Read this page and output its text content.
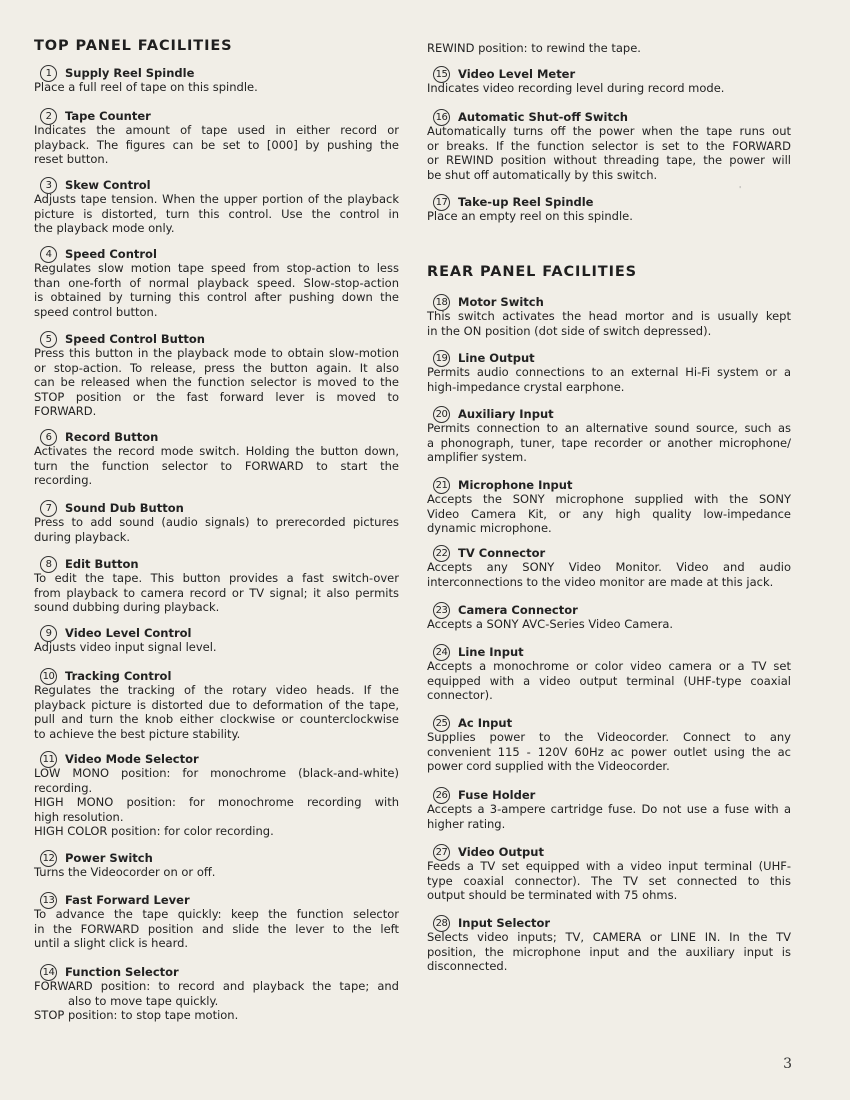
TOP PANEL FACILITIES
1	Supply Reel Spindle
Place a full reel of tape on this spindle.
2	Tape Counter
Indicates the amount of tape used in either record or
playback. The figures can be set to [000] by pushing the
reset button.
3	Skew Control
Adjusts tape tension. When the upper portion of the playback
picture is distorted, turn this control. Use the control in
the playback mode only.
4	Speed Control
Regulates slow motion tape speed from stop-action to less
than one-forth of normal playback speed. Slow-stop-action
is obtained by turning this control after pushing down the
speed control button.
5	Speed Control Button
Press this button in the playback mode to obtain slow-motion
or stop-action. To release, press the button again. It also
can be released when the function selector is moved to the
STOP position or the fast forward lever is moved to
FORWARD.
6	Record Button
Activates the record mode switch. Holding the button down,
turn the function selector to FORWARD to start the
recording.
7	Sound Dub Button
Press to add sound (audio signals) to prerecorded pictures
during playback.
8	Edit Button
To edit the tape. This button provides a fast switch-over
from playback to camera record or TV signal; it also permits
sound dubbing during playback.
9	Video Level Control
Adjusts video input signal level.
10 Tracking Control
Regulates the tracking of the rotary video heads. If the
playback picture is distorted due to deformation of the tape,
pull and turn the knob either clockwise or counterclockwise
to achieve the best picture stability.
11 Video Mode Selector
LOW MONO position: for monochrome (black-and-white)
recording.
HIGH MONO position: for monochrome recording with
high resolution.
HIGH COLOR position: for color recording.
12 Power Switch
Turns the Videocorder on or off.
13 Fast Forward Lever
To advance the tape quickly: keep the function selector
in the FORWARD position and slide the lever to the left
until a slight click is heard.
14 Function Selector
FORWARD position: to record and playback the tape; and
also to move tape quickly.
STOP position: to stop tape motion.
REWIND position: to rewind the tape.
REAR PANEL FACILITIES
15 Video Level Meter
Indicates video recording level during record mode.
16 Automatic Shut-off Switch
Automatically turns off the power when the tape runs out
or breaks. If the function selector is set to the FORWARD
or REWIND position without threading tape, the power will
be shut off automatically by this switch.
17 Take-up Reel Spindle
Place an empty reel on this spindle.
18 Motor Switch
This switch activates the head mortor and is usually kept
in the ON position (dot side of switch depressed).
19 Line Output
Permits audio connections to an external Hi-Fi system or a
high-impedance crystal earphone.
20 Auxiliary Input
Permits connection to an alternative sound source, such as
a phonograph, tuner, tape recorder or another microphone/
amplifier system.
21 Microphone Input
Accepts the SONY microphone supplied with the SONY
Video Camera Kit, or any high quality low-impedance
dynamic microphone.
22 TV Connector
Accepts any SONY Video Monitor. Video and audio
interconnections to the video monitor are made at this jack.
23 Camera Connector
Accepts a SONY AVC-Series Video Camera.
24 Line Input
Accepts a monochrome or color video camera or a TV set
equipped with a video output terminal (UHF-type coaxial
connector).
25 Ac Input
Supplies power to the Videocorder. Connect to any
convenient 115 - 120V 60Hz ac power outlet using the ac
power cord supplied with the Videocorder.
26 Fuse Holder
Accepts a 3-ampere cartridge fuse. Do not use a fuse with a
higher rating.
27 Video Output
Feeds a TV set equipped with a video input terminal (UHF-
type coaxial connector). The TV set connected to this
output should be terminated with 75 ohms.
28 Input Selector
Selects video inputs; TV, CAMERA or LINE IN. In the TV
position, the microphone input and the auxiliary input is
disconnected.
'
3
